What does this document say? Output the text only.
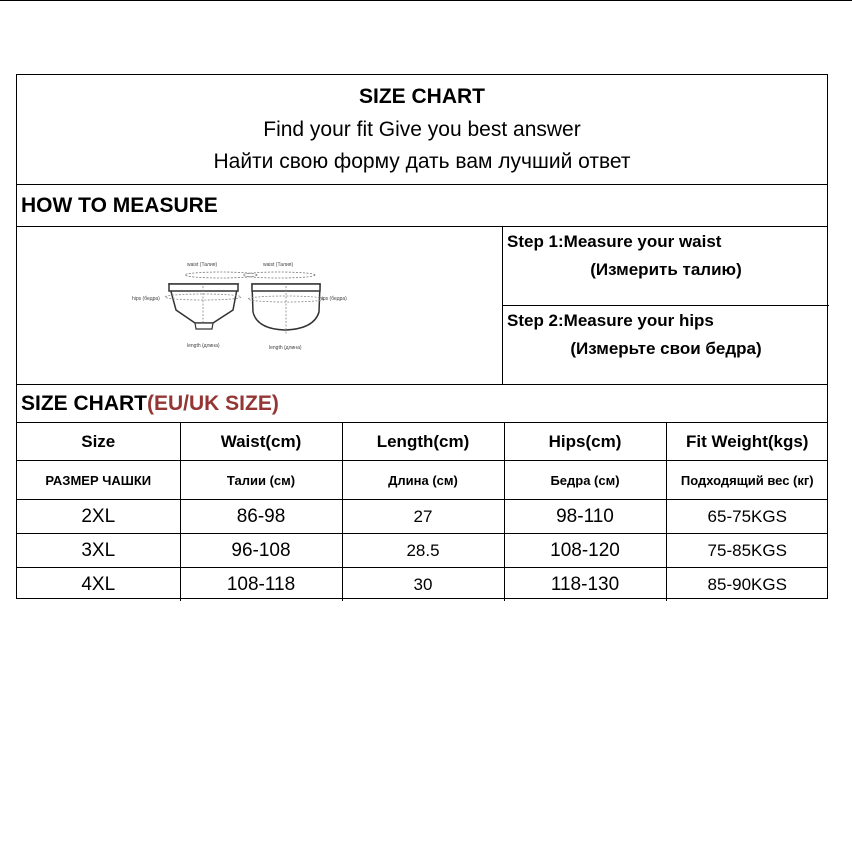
SIZE CHART
Find your fit Give you best answer
Найти свою форму дать вам лучший ответ
HOW TO MEASURE
waist (Талия)
hips (бедра)
length (длина)
waist (Талия)
hips (бедра)
length (длина)
Step 1:Measure your waist
(Измерить талию)
Step 2:Measure your hips
(Измерьте свои бедра)
SIZE CHART(EU/UK SIZE)
Size	Waist(cm)	Length(cm)	Hips(cm)	Fit Weight(kgs)
РАЗМЕР ЧАШКИ	Талии (см)	Длина (см)	Бедра (см)	Подходящий вес (кг)
2XL	86-98	27	98-110	65-75KGS
3XL	96-108	28.5	108-120	75-85KGS
4XL	108-118	30	118-130	85-90KGS
